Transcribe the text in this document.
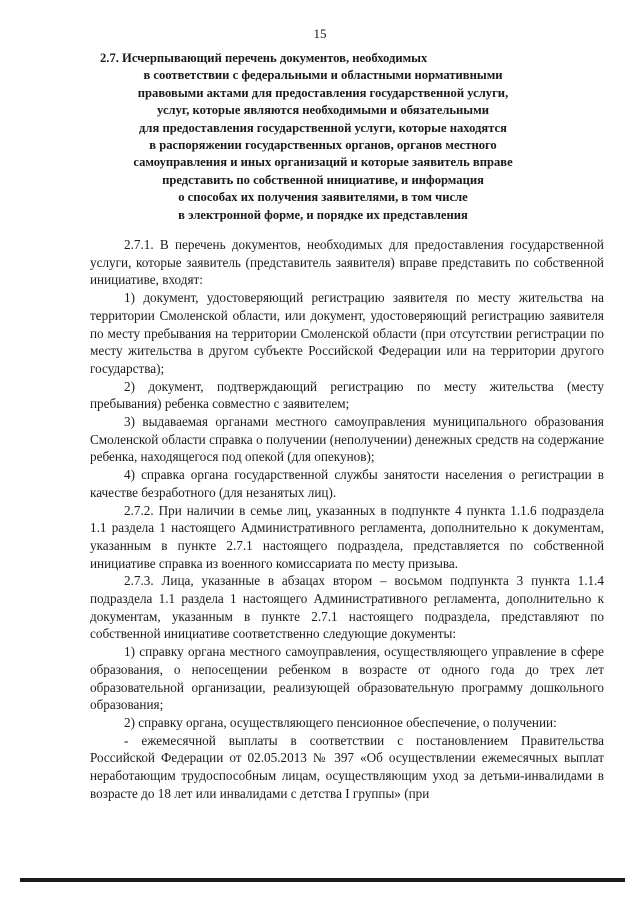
15
2.7. Исчерпывающий перечень документов, необходимых
в соответствии с федеральными и областными нормативными
правовыми актами для предоставления государственной услуги,
услуг, которые являются необходимыми и обязательными
для предоставления государственной услуги, которые находятся
в распоряжении государственных органов, органов местного
самоуправления и иных организаций и которые заявитель вправе
представить по собственной инициативе, и информация
о способах их получения заявителями, в том числе
в электронной форме, и порядке их представления

2.7.1. В перечень документов, необходимых для предоставления государственной услуги, которые заявитель (представитель заявителя) вправе представить по собственной инициативе, входят:

1) документ, удостоверяющий регистрацию заявителя по месту жительства на территории Смоленской области, или документ, удостоверяющий регистрацию заявителя по месту пребывания на территории Смоленской области (при отсутствии регистрации по месту жительства в другом субъекте Российской Федерации или на территории другого государства);

2) документ, подтверждающий регистрацию по месту жительства (месту пребывания) ребенка совместно с заявителем;

3) выдаваемая органами местного самоуправления муниципального образования Смоленской области справка о получении (неполучении) денежных средств на содержание ребенка, находящегося под опекой (для опекунов);

4) справка органа государственной службы занятости населения о регистрации в качестве безработного (для незанятых лиц).

2.7.2. При наличии в семье лиц, указанных в подпункте 4 пункта 1.1.6 подраздела 1.1 раздела 1 настоящего Административного регламента, дополнительно к документам, указанным в пункте 2.7.1 настоящего подраздела, представляется по собственной инициативе справка из военного комиссариата по месту призыва.

2.7.3. Лица, указанные в абзацах втором – восьмом подпункта 3 пункта 1.1.4 подраздела 1.1 раздела 1 настоящего Административного регламента, дополнительно к документам, указанным в пункте 2.7.1 настоящего подраздела, представляют по собственной инициативе соответственно следующие документы:

1) справку органа местного самоуправления, осуществляющего управление в сфере образования, о непосещении ребенком в возрасте от одного года до трех лет образовательной организации, реализующей образовательную программу дошкольного образования;

2) справку органа, осуществляющего пенсионное обеспечение, о получении:

- ежемесячной выплаты в соответствии с постановлением Правительства Российской Федерации от 02.05.2013 № 397 «Об осуществлении ежемесячных выплат неработающим трудоспособным лицам, осуществляющим уход за детьми-инвалидами в возрасте до 18 лет или инвалидами с детства I группы» (при
